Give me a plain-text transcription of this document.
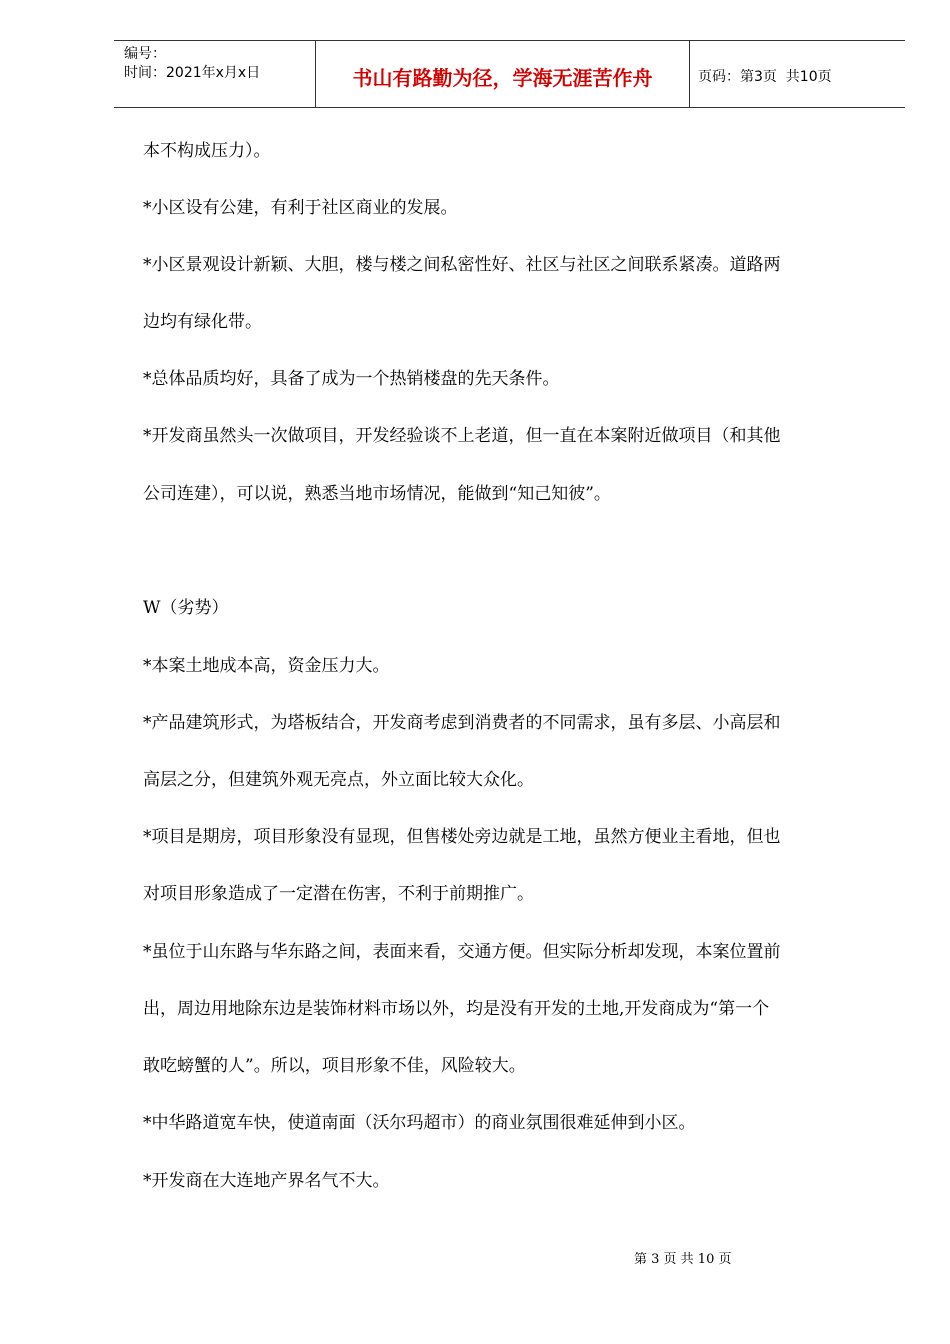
编号：
时间：2021年x月x日	书山有路勤为径，学海无涯苦作舟	页码：第3页  共10页
本不构成压力）。
*小区设有公建，有利于社区商业的发展。
*小区景观设计新颖、大胆，楼与楼之间私密性好、社区与社区之间联系紧凑。道路两
边均有绿化带。
*总体品质均好，具备了成为一个热销楼盘的先天条件。
*开发商虽然头一次做项目，开发经验谈不上老道，但一直在本案附近做项目（和其他
公司连建），可以说，熟悉当地市场情况，能做到“知己知彼”。
W（劣势）
*本案土地成本高，资金压力大。
*产品建筑形式，为塔板结合，开发商考虑到消费者的不同需求，虽有多层、小高层和
高层之分，但建筑外观无亮点，外立面比较大众化。
*项目是期房，项目形象没有显现，但售楼处旁边就是工地，虽然方便业主看地，但也
对项目形象造成了一定潜在伤害，不利于前期推广。
*虽位于山东路与华东路之间，表面来看，交通方便。但实际分析却发现，本案位置前
出，周边用地除东边是装饰材料市场以外，均是没有开发的土地,开发商成为“第一个
敢吃螃蟹的人”。所以，项目形象不佳，风险较大。
*中华路道宽车快，使道南面（沃尔玛超市）的商业氛围很难延伸到小区。
*开发商在大连地产界名气不大。
第 3 页 共 10 页
